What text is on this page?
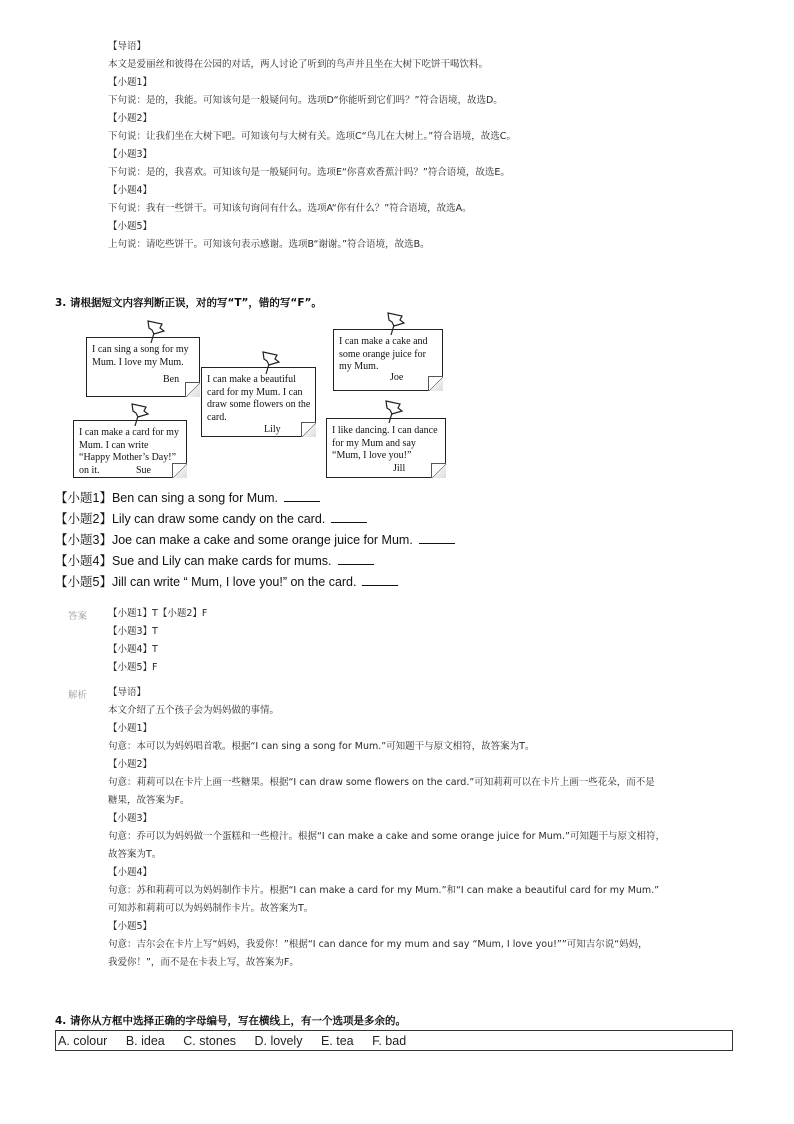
【导语】
本文是爱丽丝和彼得在公园的对话，两人讨论了听到的鸟声并且坐在大树下吃饼干喝饮料。
【小题1】
下句说：是的，我能。可知该句是一般疑问句。选项D“你能听到它们吗？”符合语境，故选D。
【小题2】
下句说：让我们坐在大树下吧。可知该句与大树有关。选项C“鸟儿在大树上。”符合语境，故选C。
【小题3】
下句说：是的，我喜欢。可知该句是一般疑问句。选项E“你喜欢香蕉汁吗？”符合语境，故选E。
【小题4】
下句说：我有一些饼干。可知该句询问有什么。选项A“你有什么？”符合语境，故选A。
【小题5】
上句说：请吃些饼干。可知该句表示感谢。选项B“谢谢。”符合语境，故选B。
3. 请根据短文内容判断正误，对的写“T”，错的写“F”。
I can sing a song for my Mum. I love my Mum.
Ben	I can make a beautiful card for my Mum. I can draw some flowers on the card.
Lily
I can make a cake and some orange juice for my Mum.
Joe
I can make a card for my Mum. I can write “Happy Mother’s Day!” on it.	Sue
I like dancing. I can dance for my Mum and say “Mum, I love you!”
Jill
【小题1】Ben can sing a song for Mum.
【小题2】Lily can draw some candy on the card.
【小题3】Joe can make a cake and some orange juice for Mum.
【小题4】Sue and Lily can make cards for mums.
【小题5】Jill can write “ Mum, I love you!” on the card.
答案 【小题1】T【小题2】F
【小题3】T
【小题4】T
【小题5】F
解析 【导语】
本文介绍了五个孩子会为妈妈做的事情。
【小题1】
句意：本可以为妈妈唱首歌。根据“I can sing a song for Mum.”可知题干与原文相符，故答案为T。
【小题2】
句意：莉莉可以在卡片上画一些糖果。根据“I can draw some flowers on the card.”可知莉莉可以在卡片上画一些花朵，而不是
糖果，故答案为F。
【小题3】
句意：乔可以为妈妈做一个蛋糕和一些橙汁。根据“I can make a cake and some orange juice for Mum.”可知题干与原文相符，
故答案为T。
【小题4】
句意：苏和莉莉可以为妈妈制作卡片。根据“I can make a card for my Mum.”和“I can make a beautiful card for my Mum.”
可知苏和莉莉可以为妈妈制作卡片。故答案为T。
【小题5】
句意：吉尔会在卡片上写“妈妈，我爱你！”根据“I can dance for my mum and say “Mum, I love you!””可知吉尔说“妈妈，
我爱你！”，而不是在卡表上写，故答案为F。
4. 请你从方框中选择正确的字母编号，写在横线上，有一个选项是多余的。
A. colour B. idea C. stones D. lovely E. tea F. bad
